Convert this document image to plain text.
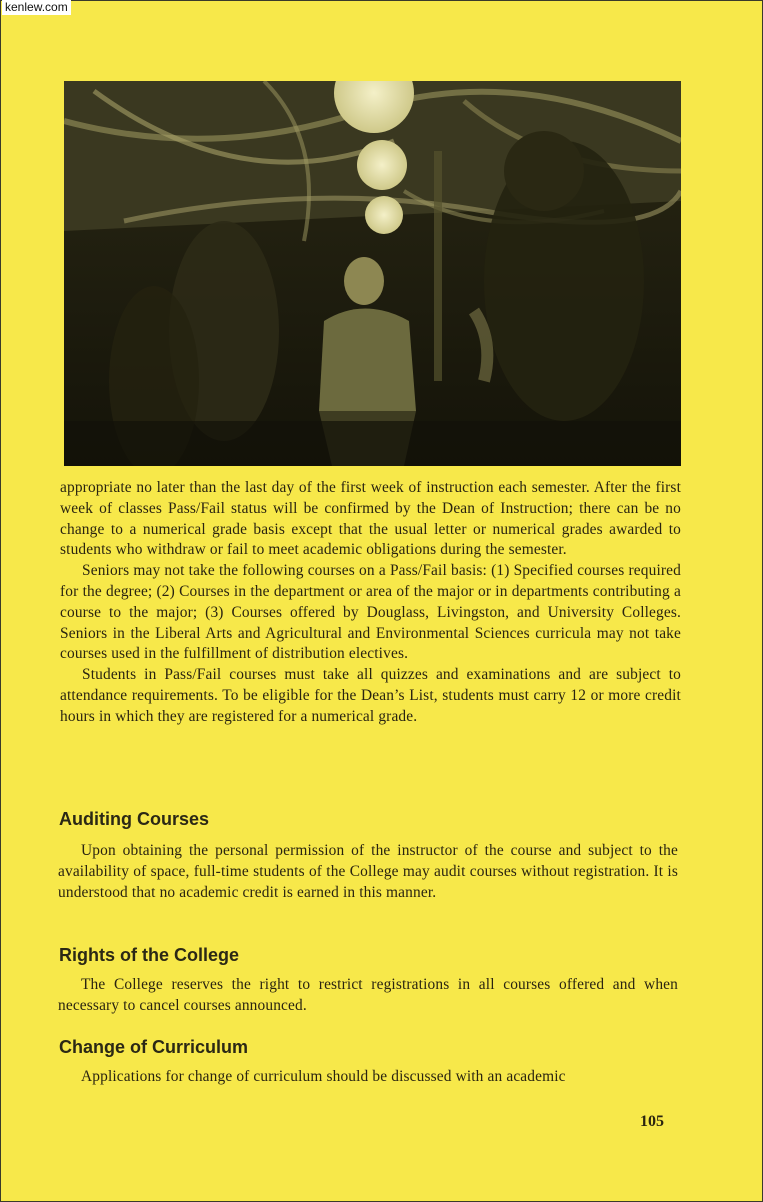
kenlew.com

appropriate no later than the last day of the first week of instruction each semester. After the first week of classes Pass/Fail status will be confirmed by the Dean of Instruction; there can be no change to a numerical grade basis except that the usual letter or numerical grades awarded to students who withdraw or fail to meet academic obligations during the semester.

Seniors may not take the following courses on a Pass/Fail basis: (1) Specified courses required for the degree; (2) Courses in the department or area of the major or in departments contributing a course to the major; (3) Courses offered by Douglass, Livingston, and University Colleges. Seniors in the Liberal Arts and Agricultural and Environmental Sciences curricula may not take courses used in the fulfillment of distribution electives.

Students in Pass/Fail courses must take all quizzes and examinations and are subject to attendance requirements. To be eligible for the Dean’s List, students must carry 12 or more credit hours in which they are registered for a numerical grade.

Auditing Courses
Upon obtaining the personal permission of the instructor of the course and subject to the availability of space, full-time students of the College may audit courses without registration. It is understood that no academic credit is earned in this manner.
Rights of the College
The College reserves the right to restrict registrations in all courses offered and when necessary to cancel courses announced.
Change of Curriculum
Applications for change of curriculum should be discussed with an academic
105
